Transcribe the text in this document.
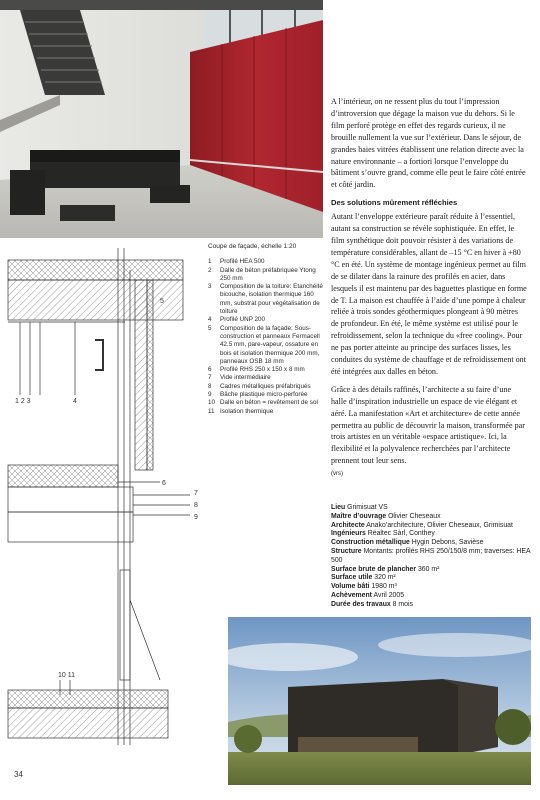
A l’intérieur, on ne ressent plus du tout l’impression d’introversion que dégage la maison vue du dehors. Si le film perforé protège en effet des regards curieux, il ne brouille nullement la vue sur l’extérieur. Dans le séjour, de grandes baies vitrées établissent une relation directe avec la nature environnante – a fortiori lorsque l’enveloppe du bâtiment s’ouvre grand, comme elle peut le faire côté entrée et côté jardin.

Des solutions mûrement réfléchies

Autant l’enveloppe extérieure paraît réduite à l’essentiel, autant sa construction se révèle sophistiquée. En effet, le film synthétique doit pouvoir résister à des variations de température considérables, allant de –15 °C en hiver à +80 °C en été. Un système de montage ingénieux permet au film de se dilater dans la rainure des profilés en acier, dans lesquels il est maintenu par des baguettes plastique en forme de T. La maison est chauffée à l’aide d’une pompe à chaleur reliée à trois sondes géothermiques plongeant à 90 mètres de profondeur. En été, le même système est utilisé pour le refroidissement, selon la technique du «free cooling». Pour ne pas porter atteinte au principe des surfaces lisses, les conduites du système de chauffage et de refroidissement ont été intégrées aux dalles en béton.

Grâce à des détails raffinés, l’architecte a su faire d’une halle d’inspiration industrielle un espace de vie élégant et aéré. La manifestation «Art et architecture» de cette année permettra au public de découvrir la maison, transformée par trois artistes en un véritable «espace artistique». Ici, la flexibilité et la polyvalence recherchées par l’architecte prennent tout leur sens.
(vrs)

1 2 3	4
5
6
7
8
9
10 11
Coupe de façade, échelle 1:20
1	Profilé HEA 500
2	Dalle de béton préfabriquée Ytong 250 mm
3	Composition de la toiture: Etanchéité bicouche, isolation thermique 160 mm, substrat pour végétalisation de toiture
4	Profilé UNP 200
5	Composition de la façade: Sous-construction et panneaux Fermacell 42.5 mm, pare-vapeur, ossature en bois et isolation thermique 200 mm, panneaux OSB 18 mm
6	Profilé RHS 250 x 150 x 8 mm
7	Vide intermédiaire
8	Cadres métalliques préfabriqués
9	Bâche plastique micro-perforée
10 Dalle en béton = revêtement de sol
11 Isolation thermique
Lieu Grimisuat VS
Maître d’ouvrage Olivier Cheseaux
Architecte Anako’architecture, Olivier Cheseaux, Grimisuat
Ingénieurs Réaltec Sàrl, Conthey
Construction métallique Hygin Debons, Savièse
Structure Montants: profilés RHS 250/150/8 mm; traverses: HEA 500
Surface brute de plancher 360 m²
Surface utile 320 m²
Volume bâti 1980 m³
Achèvement Avril 2005
Durée des travaux 8 mois
34
